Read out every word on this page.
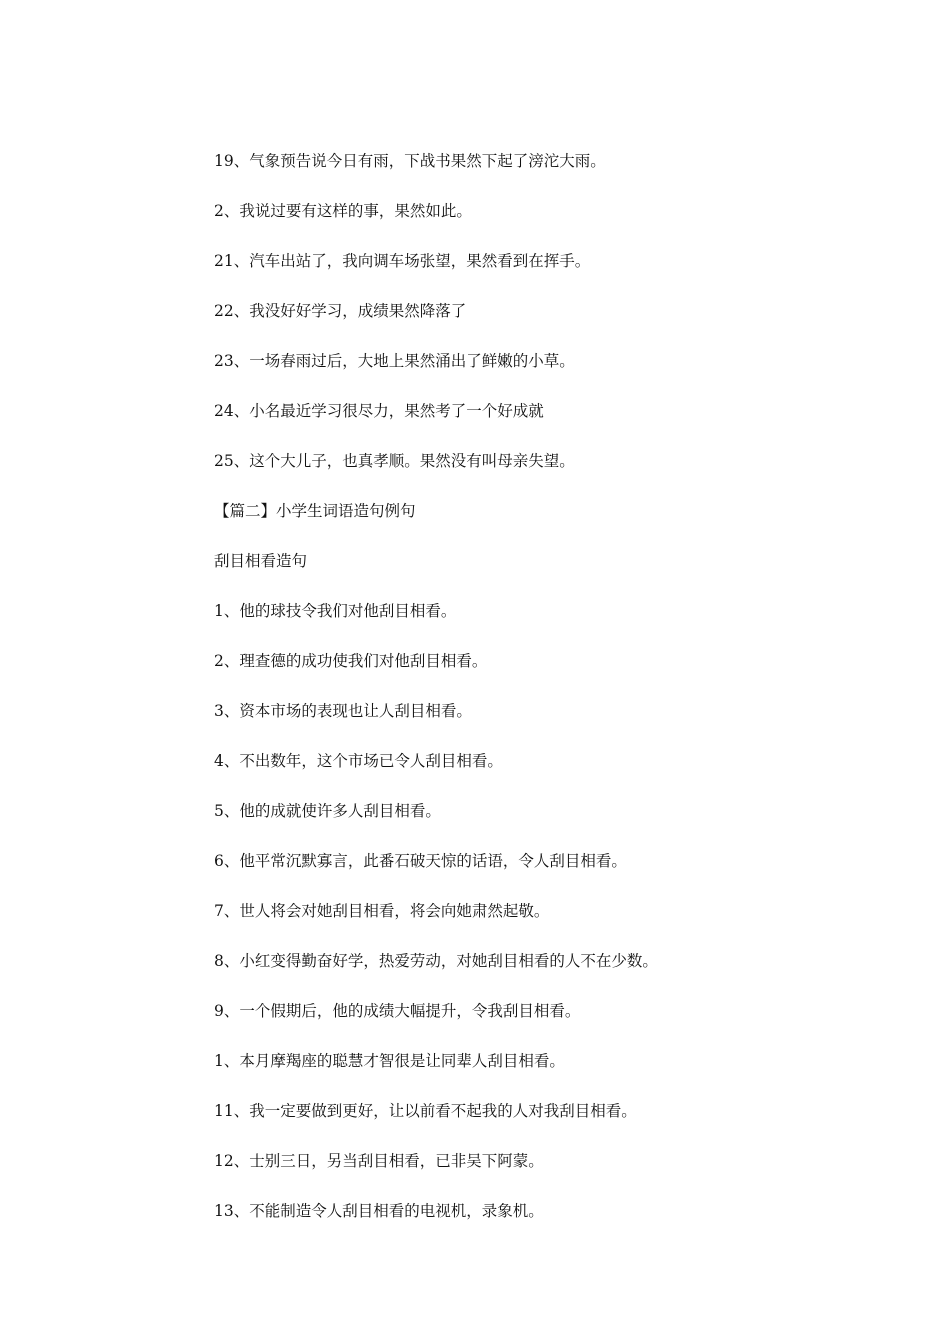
19、气象预告说今日有雨，下战书果然下起了滂沱大雨。
2、我说过要有这样的事，果然如此。
21、汽车出站了，我向调车场张望，果然看到在挥手。
22、我没好好学习，成绩果然降落了
23、一场春雨过后，大地上果然涌出了鲜嫩的小草。
24、小名最近学习很尽力，果然考了一个好成就
25、这个大儿子，也真孝顺。果然没有叫母亲失望。
【篇二】小学生词语造句例句
刮目相看造句
1、他的球技令我们对他刮目相看。
2、理查德的成功使我们对他刮目相看。
3、资本市场的表现也让人刮目相看。
4、不出数年，这个市场已令人刮目相看。
5、他的成就使许多人刮目相看。
6、他平常沉默寡言，此番石破天惊的话语，令人刮目相看。
7、世人将会对她刮目相看，将会向她肃然起敬。
8、小红变得勤奋好学，热爱劳动，对她刮目相看的人不在少数。
9、一个假期后，他的成绩大幅提升，令我刮目相看。
1、本月摩羯座的聪慧才智很是让同辈人刮目相看。
11、我一定要做到更好，让以前看不起我的人对我刮目相看。
12、士别三日，另当刮目相看，已非吴下阿蒙。
13、不能制造令人刮目相看的电视机，录象机。
